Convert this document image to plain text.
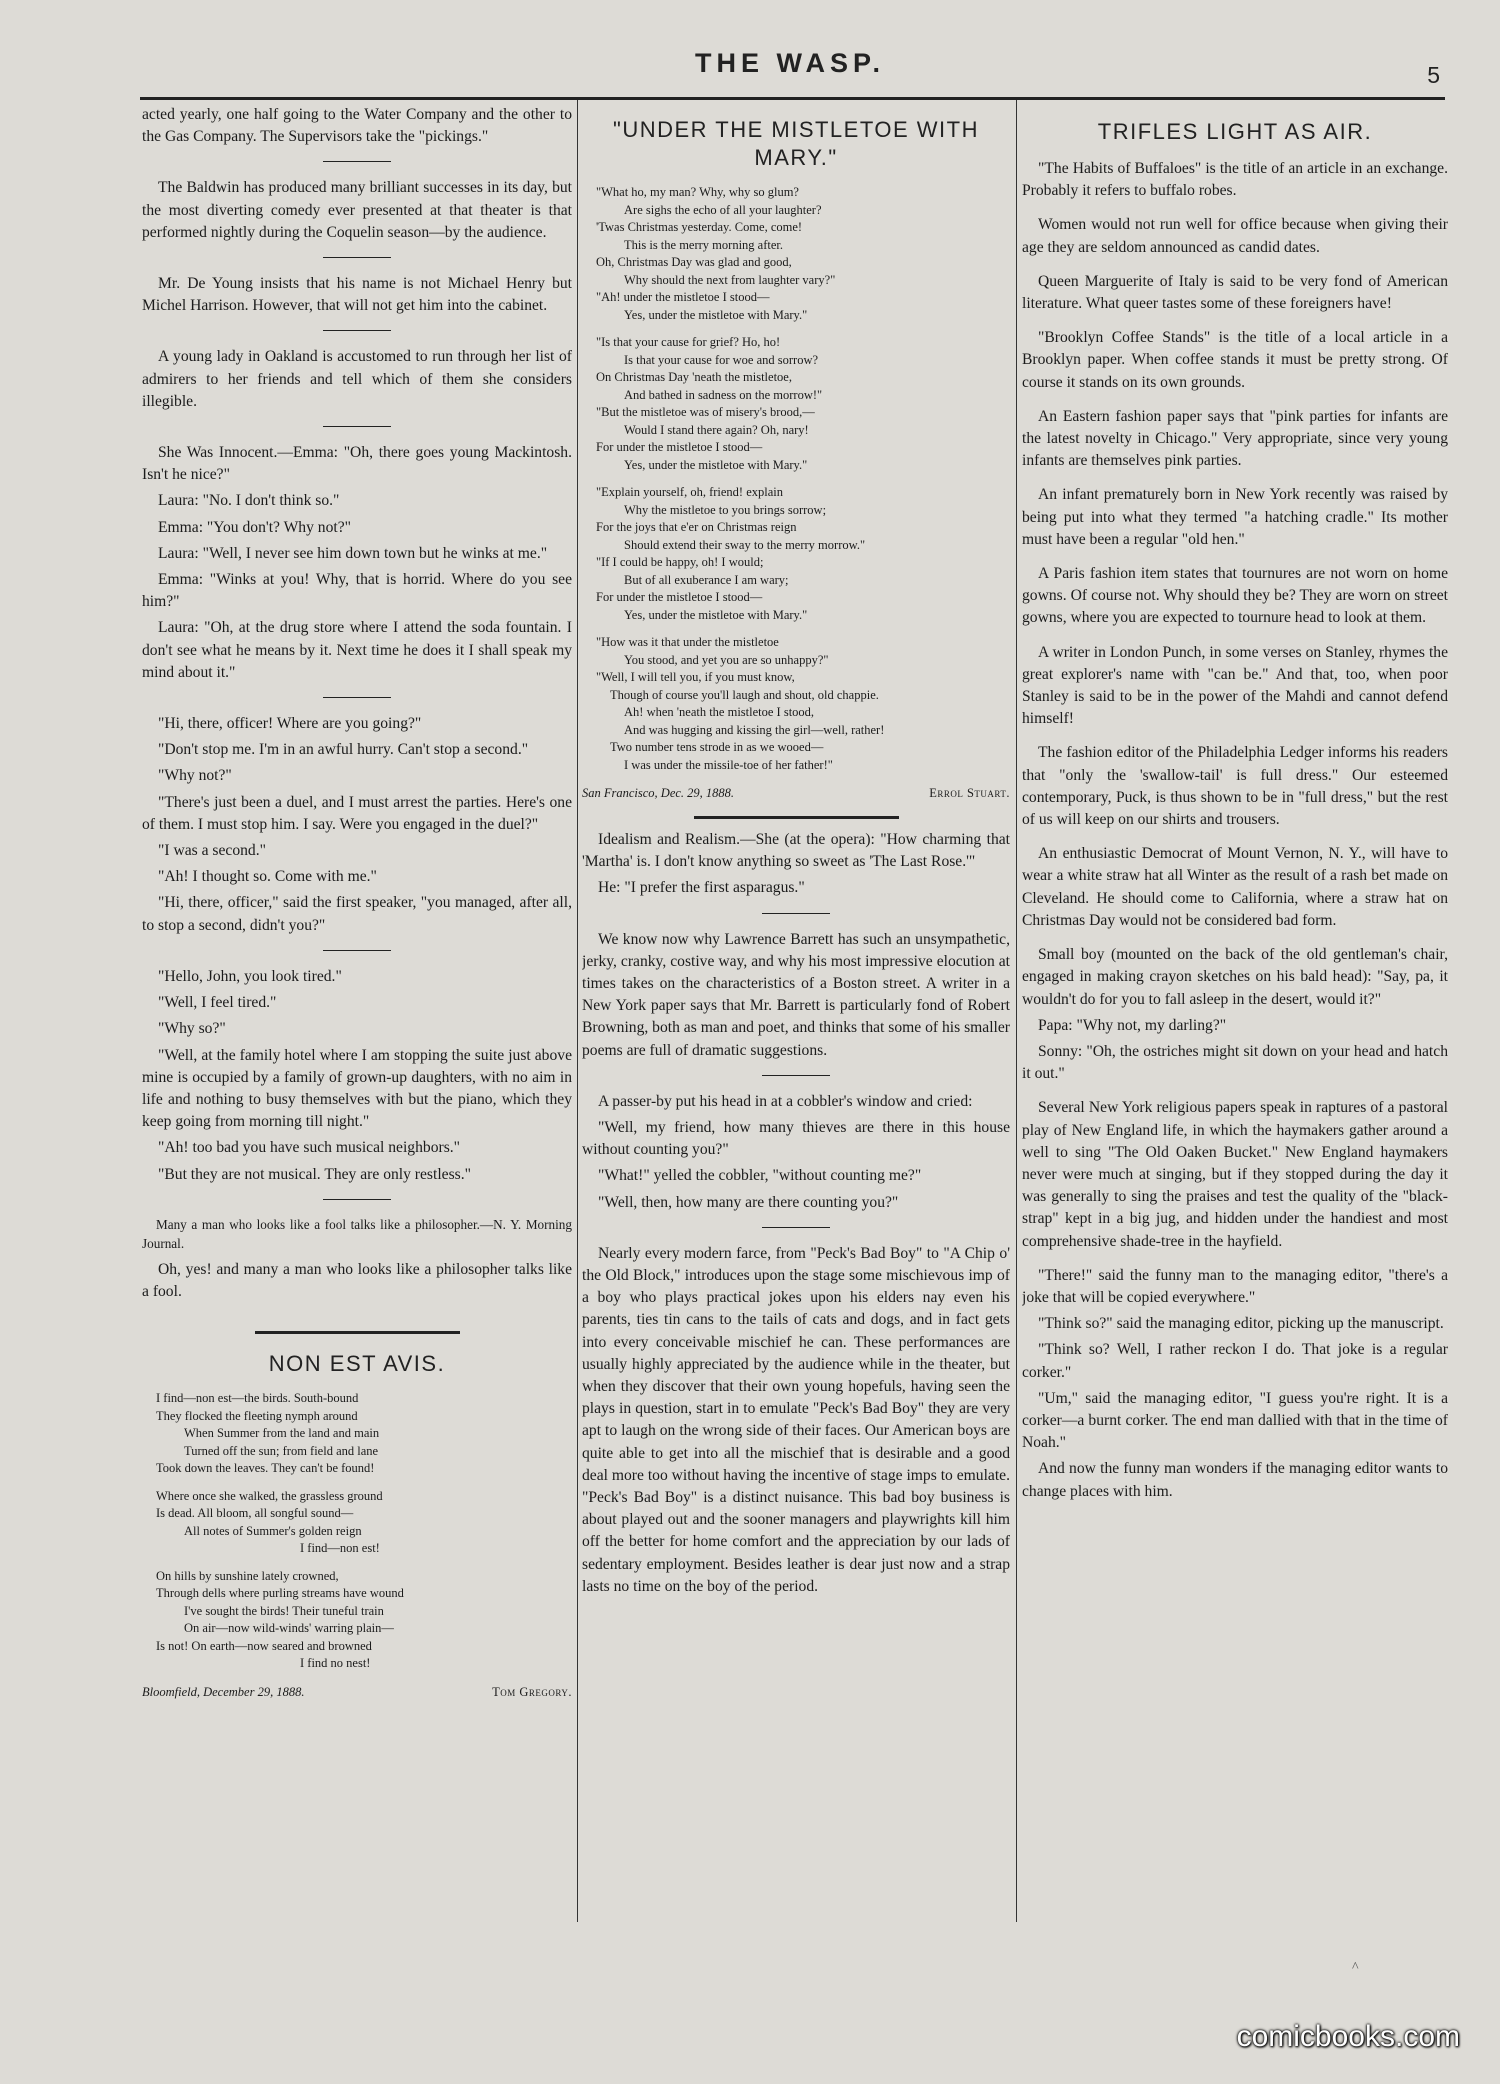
THE WASP.	5

acted yearly, one half going to the Water Company and the other to the Gas Company. The Supervisors take the "pickings."

The Baldwin has produced many brilliant successes in its day, but the most diverting comedy ever presented at that theater is that performed nightly during the Coquelin season—by the audience.

Mr. De Young insists that his name is not Michael Henry but Michel Harrison. However, that will not get him into the cabinet.

A young lady in Oakland is accustomed to run through her list of admirers to her friends and tell which of them she considers illegible.

She Was Innocent.—Emma: "Oh, there goes young Mackintosh. Isn't he nice?"

Laura: "No. I don't think so."

Emma: "You don't? Why not?"

Laura: "Well, I never see him down town but he winks at me."

Emma: "Winks at you! Why, that is horrid. Where do you see him?"

Laura: "Oh, at the drug store where I attend the soda fountain. I don't see what he means by it. Next time he does it I shall speak my mind about it."

"Hi, there, officer! Where are you going?"

"Don't stop me. I'm in an awful hurry. Can't stop a second."

"Why not?"

"There's just been a duel, and I must arrest the parties. Here's one of them. I must stop him. I say. Were you engaged in the duel?"

"I was a second."

"Ah! I thought so. Come with me."

"Hi, there, officer," said the first speaker, "you managed, after all, to stop a second, didn't you?"

"Hello, John, you look tired."

"Well, I feel tired."

"Why so?"

"Well, at the family hotel where I am stopping the suite just above mine is occupied by a family of grown-up daughters, with no aim in life and nothing to busy themselves with but the piano, which they keep going from morning till night."

"Ah! too bad you have such musical neighbors."

"But they are not musical. They are only restless."

Many a man who looks like a fool talks like a philosopher.—N. Y. Morning Journal.

Oh, yes! and many a man who looks like a philosopher talks like a fool.

NON EST AVIS.
I find—non est—the birds. South-bound
They flocked the fleeting nymph around
When Summer from the land and main
Turned off the sun; from field and lane
Took down the leaves. They can't be found!
Where once she walked, the grassless ground
Is dead. All bloom, all songful sound—
All notes of Summer's golden reign
I find—non est!
On hills by sunshine lately crowned,
Through dells where purling streams have wound
I've sought the birds! Their tuneful train
On air—now wild-winds' warring plain—
Is not! On earth—now seared and browned
I find no nest!
Bloomfield, December 29, 1888.	Tom Gregory.
"UNDER THE MISTLETOE WITH MARY."
"What ho, my man? Why, why so glum?
Are sighs the echo of all your laughter?
'Twas Christmas yesterday. Come, come!
This is the merry morning after.
Oh, Christmas Day was glad and good,
Why should the next from laughter vary?"
"Ah! under the mistletoe I stood—
Yes, under the mistletoe with Mary."
"Is that your cause for grief? Ho, ho!
Is that your cause for woe and sorrow?
On Christmas Day 'neath the mistletoe,
And bathed in sadness on the morrow!"
"But the mistletoe was of misery's brood,—
Would I stand there again? Oh, nary!
For under the mistletoe I stood—
Yes, under the mistletoe with Mary."
"Explain yourself, oh, friend! explain
Why the mistletoe to you brings sorrow;
For the joys that e'er on Christmas reign
Should extend their sway to the merry morrow."
"If I could be happy, oh! I would;
But of all exuberance I am wary;
For under the mistletoe I stood—
Yes, under the mistletoe with Mary."
"How was it that under the mistletoe
You stood, and yet you are so unhappy?"
"Well, I will tell you, if you must know,
Though of course you'll laugh and shout, old chappie.
Ah! when 'neath the mistletoe I stood,
And was hugging and kissing the girl—well, rather!
Two number tens strode in as we wooed—
I was under the missile-toe of her father!"
San Francisco, Dec. 29, 1888.	Errol Stuart.

Idealism and Realism.—She (at the opera): "How charming that 'Martha' is. I don't know anything so sweet as 'The Last Rose.'"

He: "I prefer the first asparagus."

We know now why Lawrence Barrett has such an unsympathetic, jerky, cranky, costive way, and why his most impressive elocution at times takes on the characteristics of a Boston street. A writer in a New York paper says that Mr. Barrett is particularly fond of Robert Browning, both as man and poet, and thinks that some of his smaller poems are full of dramatic suggestions.

A passer-by put his head in at a cobbler's window and cried:

"Well, my friend, how many thieves are there in this house without counting you?"

"What!" yelled the cobbler, "without counting me?"

"Well, then, how many are there counting you?"

Nearly every modern farce, from "Peck's Bad Boy" to "A Chip o' the Old Block," introduces upon the stage some mischievous imp of a boy who plays practical jokes upon his elders nay even his parents, ties tin cans to the tails of cats and dogs, and in fact gets into every conceivable mischief he can. These performances are usually highly appreciated by the audience while in the theater, but when they discover that their own young hopefuls, having seen the plays in question, start in to emulate "Peck's Bad Boy" they are very apt to laugh on the wrong side of their faces. Our American boys are quite able to get into all the mischief that is desirable and a good deal more too without having the incentive of stage imps to emulate. "Peck's Bad Boy" is a distinct nuisance. This bad boy business is about played out and the sooner managers and playwrights kill him off the better for home comfort and the appreciation by our lads of sedentary employment. Besides leather is dear just now and a strap lasts no time on the boy of the period.

TRIFLES LIGHT AS AIR.

"The Habits of Buffaloes" is the title of an article in an exchange. Probably it refers to buffalo robes.

Women would not run well for office because when giving their age they are seldom announced as candid dates.

Queen Marguerite of Italy is said to be very fond of American literature. What queer tastes some of these foreigners have!

"Brooklyn Coffee Stands" is the title of a local article in a Brooklyn paper. When coffee stands it must be pretty strong. Of course it stands on its own grounds.

An Eastern fashion paper says that "pink parties for infants are the latest novelty in Chicago." Very appropriate, since very young infants are themselves pink parties.

An infant prematurely born in New York recently was raised by being put into what they termed "a hatching cradle." Its mother must have been a regular "old hen."

A Paris fashion item states that tournures are not worn on home gowns. Of course not. Why should they be? They are worn on street gowns, where you are expected to tournure head to look at them.

A writer in London Punch, in some verses on Stanley, rhymes the great explorer's name with "can be." And that, too, when poor Stanley is said to be in the power of the Mahdi and cannot defend himself!

The fashion editor of the Philadelphia Ledger informs his readers that "only the 'swallow-tail' is full dress." Our esteemed contemporary, Puck, is thus shown to be in "full dress," but the rest of us will keep on our shirts and trousers.

An enthusiastic Democrat of Mount Vernon, N. Y., will have to wear a white straw hat all Winter as the result of a rash bet made on Cleveland. He should come to California, where a straw hat on Christmas Day would not be considered bad form.

Small boy (mounted on the back of the old gentleman's chair, engaged in making crayon sketches on his bald head): "Say, pa, it wouldn't do for you to fall asleep in the desert, would it?"

Papa: "Why not, my darling?"

Sonny: "Oh, the ostriches might sit down on your head and hatch it out."

Several New York religious papers speak in raptures of a pastoral play of New England life, in which the haymakers gather around a well to sing "The Old Oaken Bucket." New England haymakers never were much at singing, but if they stopped during the day it was generally to sing the praises and test the quality of the "black-strap" kept in a big jug, and hidden under the handiest and most comprehensive shade-tree in the hayfield.

"There!" said the funny man to the managing editor, "there's a joke that will be copied everywhere."

"Think so?" said the managing editor, picking up the manuscript.

"Think so? Well, I rather reckon I do. That joke is a regular corker."

"Um," said the managing editor, "I guess you're right. It is a corker—a burnt corker. The end man dallied with that in the time of Noah."

And now the funny man wonders if the managing editor wants to change places with him.

^
comicbooks.com
